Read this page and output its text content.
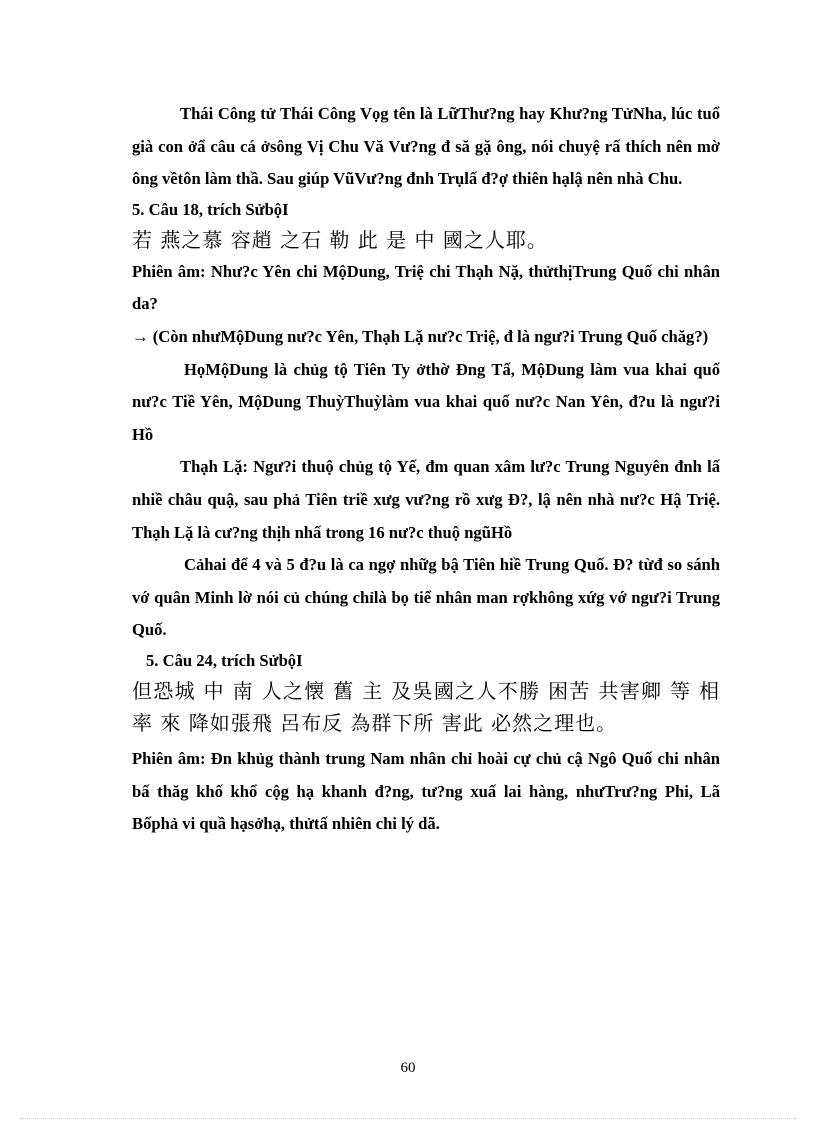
Thái Công tử Thái Công Vọg tên là LữThư?ng hay Khư?ng TửNha, lúc tuổ già con ởẩ câu cá ởsông Vị Chu Vă Vư?ng đ să gặ ông, nói chuyệ rấ thích nên mờ ông vềtôn làm thầ. Sau giúp VũVư?ng đnh Trụlấ đ?ợ thiên hạlậ nên nhà Chu.

5. Câu 18, trích SửbộI

若 燕之慕 容趙 之石 勒 此 是 中 國之人耶。

Phiên âm: Như?c Yên chi MộDung, Triệ chi Thạh Nặ, thửthịTrung Quố chi nhân da?

→ (Còn nhưMộDung nư?c Yên, Thạh Lặ nư?c Triệ, đ là ngư?i Trung Quố chăg?)

HọMộDung là chủg tộ Tiên Ty ởthờ Đng Tấ, MộDung làm vua khai quố nư?c Tiề Yên, MộDung ThuỳThuỳlàm vua khai quố nư?c Nan Yên, đ?u là ngư?i Hồ

Thạh Lặ: Ngư?i thuộ chủg tộ Yế, đm quan xâm lư?c Trung Nguyên đnh lấ nhiề châu quậ, sau phả Tiên triề xưg vư?ng rồ xưg Đ?, lậ nên nhà nư?c Hậ Triệ. Thạh Lặ là cư?ng thịh nhấ trong 16 nư?c thuộ ngũHồ

Cảhai để 4 và 5 đ?u là ca ngợ nhữg bậ Tiên hiề Trung Quố. Đ? từđ so sánh vớ quân Minh lờ nói củ chúng chỉlà bọ tiể nhân man rợkhông xứg vớ ngư?i Trung Quố.

5. Câu 24, trích SửbộI

但恐城 中 南 人之懐 舊 主 及吳國之人不勝 困苦 共害卿 等 相率 來 降如張飛 呂布反 為群下所 害此 必然之理也。

Phiên âm: Đn khủg thành trung Nam nhân chỉ hoài cự chủ cậ Ngô Quố chi nhân bấ thăg khố khổ cộg hạ khanh đ?ng, tư?ng xuấ lai hàng, nhưTrư?ng Phi, Lã Bốphả vi quầ hạsởhạ, thửtấ nhiên chi lý dã.

60
